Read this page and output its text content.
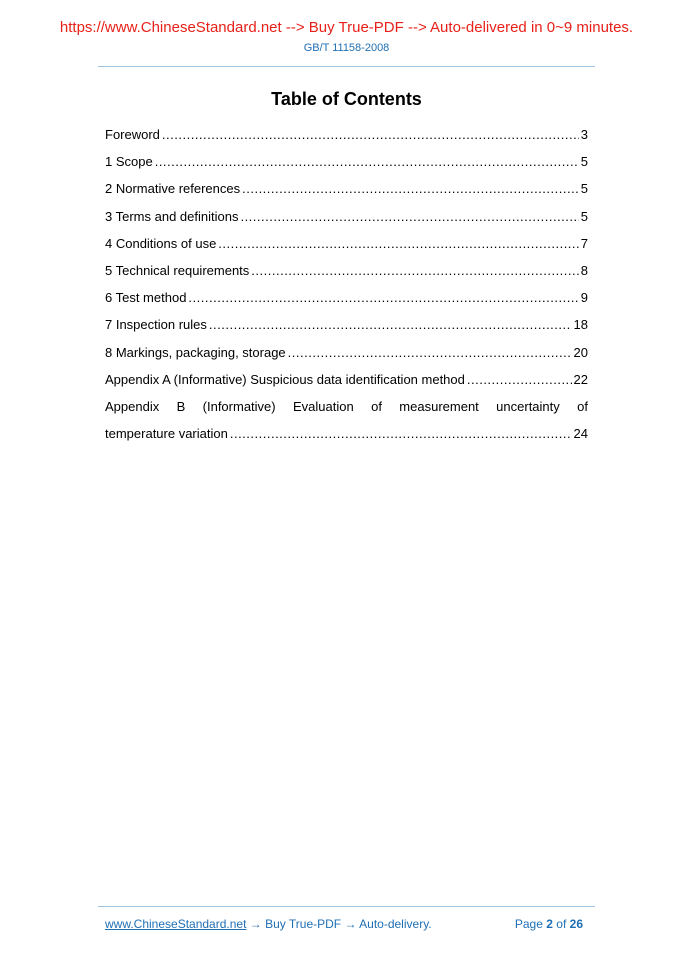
https://www.ChineseStandard.net --> Buy True-PDF --> Auto-delivered in 0~9 minutes.
GB/T 11158-2008
Table of Contents
Foreword .....	3
1 Scope .....	5
2 Normative references .....	5
3 Terms and definitions .....	5
4 Conditions of use .....	7
5 Technical requirements .....	8
6 Test method .....	9
7 Inspection rules .....	18
8 Markings, packaging, storage .....	20
Appendix A (Informative) Suspicious data identification method .....	22
Appendix B (Informative) Evaluation of measurement uncertainty of
temperature variation .....	24
www.ChineseStandard.net → Buy True-PDF → Auto-delivery.	Page 2 of 26
